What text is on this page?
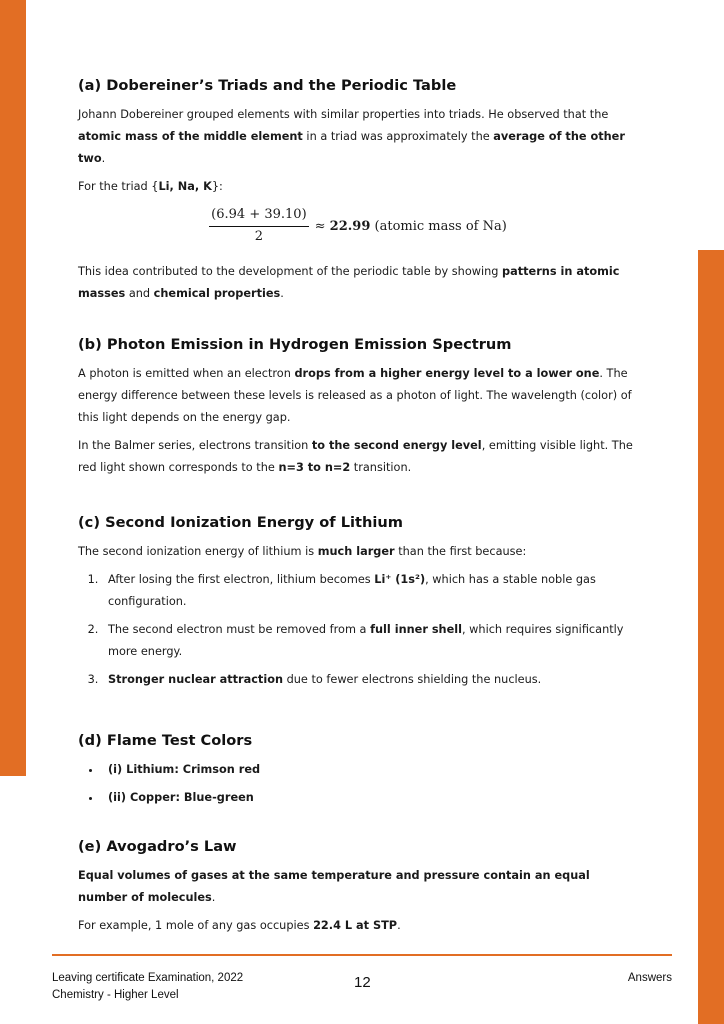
(a) Dobereiner’s Triads and the Periodic Table

Johann Dobereiner grouped elements with similar properties into triads. He observed that the atomic mass of the middle element in a triad was approximately the average of the other two.

For the triad {Li, Na, K}:

$\frac{(6.94 + 39.10)}{2} \approx 22.99$ (atomic mass of Na)

This idea contributed to the development of the periodic table by showing patterns in atomic masses and chemical properties.

(b) Photon Emission in Hydrogen Emission Spectrum

A photon is emitted when an electron drops from a higher energy level to a lower one. The energy difference between these levels is released as a photon of light. The wavelength (color) of this light depends on the energy gap.

In the Balmer series, electrons transition to the second energy level, emitting visible light. The red light shown corresponds to the n=3 to n=2 transition.

(c) Second Ionization Energy of Lithium

The second ionization energy of lithium is much larger than the first because:

1. After losing the first electron, lithium becomes Li⁺ (1s²), which has a stable noble gas configuration.
2. The second electron must be removed from a full inner shell, which requires significantly more energy.
3. Stronger nuclear attraction due to fewer electrons shielding the nucleus.
(d) Flame Test Colors
• (i) Lithium: Crimson red
• (ii) Copper: Blue-green
(e) Avogadro’s Law

Equal volumes of gases at the same temperature and pressure contain an equal number of molecules.

For example, 1 mole of any gas occupies 22.4 L at STP.

Leaving certificate Examination, 2022
Chemistry - Higher Level
12	Answers
